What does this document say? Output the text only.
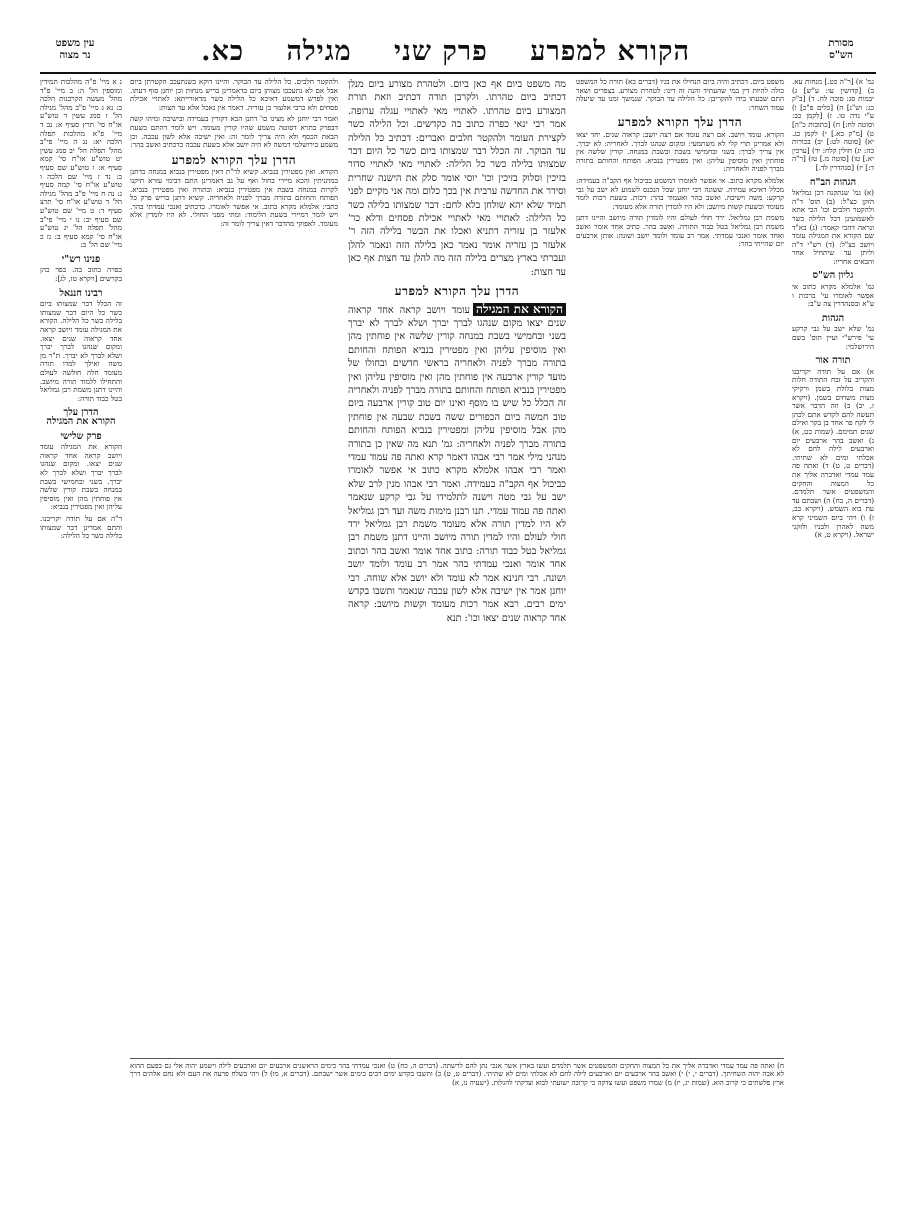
מסורת
הש"ס
הקורא למפרע פרק שני מגילה כא.
עין משפט
נר מצוה

גמ' א) [ר"ה כט.] מנחות עא. ב) [קדושין עו: ע"ש] ג) יבמות סג: סוכה לח. ד) [ב"ק כג: וש"נ] ה) [כלים פ"כ] ו) ע"י נדה טו. ז) [לקמן כב: וסוטה לח:] ח) [כתובות כ"ה] ט) [מ"ק כא.] י) לקמן כג. יא) [סוטה לט:] יב) בכורות כה: יג) חולין קלח: יד) [ערכין יא.] טו) [סוטה מ.] טז) [ר"ה ד:] יז) [סנהדרין לד.]

הגהות הב"ח

(א) גמ' שנתקנה רבן גמליאל הזקן כצ"ל: (ב) תוס' ד"ה ולהקטר חלבים וכו' הכי אתא לאשמועינן דכל הלילה כשר ונראה דהכי קאמר: (ג) בא"ד שם הקורא את המגילה עומד ויושב כצ"ל: (ד) רש"י ד"ה וליתן עד שיתחיל אחר והבאים אחריו:

גליון הש"ס

גמ' אלמלא מקרא כתוב אי אפשר לאומרו עי' ברכות ו ע"א ובסנהדרין צה ע"ב:

הגהות

גמ' שלא ישב על גבי קרקע עי' פירש"י ועיין תוס' בשם הירושלמי:

תורה אור

א) אם על תודה יקריבנו והקריב על זבח התודה חלות מצות בלולת בשמן ורקיקי מצות משחים בשמן. (ויקרא ז, יב) ב) וזה הדבר אשר תעשה להם לקדש אתם לכהן לי לקח פר אחד בן בקר ואילם שנים תמימם. (שמות כט, א) ג) ואשב בהר ארבעים יום וארבעים לילה לחם לא אכלתי ומים לא שתיתי. (דברים ט, ט) ד) ואתה פה עמד עמדי ואדברה אליך את כל המצוה והחקים והמשפטים אשר תלמדם. (דברים ה, כח) ה) ושבתם עד עת בוא השמש. (ויקרא כב, ז) ו) ויהי ביום השמיני קרא משה לאהרן ולבניו ולזקני ישראל. (ויקרא ט, א)

נ א מיי' פ"ה מהלכות תמידין ומוספין הל' ה: ב מיי' פ"ד מהל' מעשה הקרבנות הלכה ב: נא ג מיי' פ"ב מהל' מגילה הל' ז סמג עשין ד טוש"ע או"ח סי' תרץ סעיף א: נב ד מיי' פ"א מהלכות תפלה הלכה יא: נג ה מיי' פי"ב מהל' תפלה הל' יב סמג עשין יט טוש"ע או"ח סי' קמא סעיף א: ו טוש"ע שם סעיף ב: נד ז מיי' שם הלכה ו טוש"ע או"ח סי' קמה סעיף ג: נה ח מיי' פ"ב מהל' מגילה הל' ד טוש"ע או"ח סי' תרצ סעיף ד: ט מיי' שם טוש"ע שם סעיף יב: נו י מיי' פי"ב מהל' תפלה הל' יג טוש"ע או"ח סי' קמא סעיף ב: נז כ מיי' שם הל' ב:

פנינו רש"י

כפרה כתוב בה. כפר כהן בקרשים [ויקרא טז, לג]:

רבינו חננאל

זה הכלל דבר שמצותו ביום כשר כל היום דבר שמצותו בלילה כשר כל הלילה. הקורא את המגילה עומד ויושב קראה אחד קראוה שנים יצאו. ומקום שנהגו לברך יברך ושלא לברך לא יברך. ת"ר מן משה ואילך למדו תורה מעומד חלה חולשה לעולם והתחילו ללמוד תורה מיושב. והיינו דתנן משמת רבן גמליאל בטל כבוד תורה:

הדרן עלך
הקורא את המגילה
פרק שלישי

הקורא את המגילה עומד ויושב קראה אחד קראוה שנים יצאו. ומקום שנהגו לברך יברך ושלא לברך לא יברך. בשני ובחמישי בשבת במנחה בשבת קורין שלשה אין פוחתין מהן ואין מוסיפין עליהן ואין מפטירין בנביא:

ר"ה אם על תודה יקריבנו. והתם אמרינן דבר שמצותו בלילה כשר כל הלילה:

משפט ביום. דכתיב והיה ביום הנחילו את בניו (דברים כא) תורה כל המשפט כולה להיות דין במי שהעתיד והנה זה דינו: לטהרת מצורע. בצפרים ושאר התם שבעתו בידו להקריבן: כל הלילה עד הבוקר. שנמשך זמנו עד שיעלה עמוד השחר:

הדרן עלך הקורא למפרע

הקורא. עומד ויושב. אם רצה עומד אם רצה יושב: קראוה שנים. יחד יצאו ולא אמרינן תרי קלי לא משתמעי: ומקום שנהגו לברך. לאחריה: לא יברך. אין צריך לברך: בשני ובחמישי בשבת ובשבת במנחה. קורין שלשה אין פוחתין ואין מוסיפין עליהן: ואין מפטירין בנביא. הפותח והחותם בתורה מברך לפניה ולאחריה:

אלמלא מקרא כתוב. אי אפשר לאומרו דמשמע כביכול אף הקב"ה בעמידה: מכלל דאיכא עמידה. ששונה רבי יוחנן שכל הנכנס לשמוע לא ישב על גבי קרקע: משה וישיבה. ואשב בהר ואעמוד בהר: רכות. בשעת רכות לומד מעומד ובשעת קשות מיושב: ולא היו לומדין תורה אלא מעומד:

משמת רבן גמליאל. ירד חולי לעולם והיו לומדין תורה מיושב והיינו דתנן משמת רבן גמליאל בטל כבוד התורה. ואשב בהר. כתיב אחד אומר ואשב ואחד אומר ואנכי עמדתי. אמר רב עומד ולומד יושב ושונה: אותן ארבעים יום שהייתי בהר:

מה משפט ביום אף כאן ביום. ולטהרת מצורע ביום מנלן דכתיב ביום טהרתו. ולקרבן תודה דכתיב וזאת תורת המצורע ביום טהרתו. לאתויי מאי לאתויי עגלה ערופה. אמר רבי ינאי כפרה כתוב בה כקדשים. וכל הלילה כשר לקצירת העומר ולהקטר חלבים ואברים: דכתיב כל הלילה עד הבוקר. זה הכלל דבר שמצותו ביום כשר כל היום דבר שמצותו בלילה כשר כל הלילה: לאתויי מאי לאתויי סדור בזיכין וסלוק בזיכין וכו' יוסי אומר סלק את הישנה שחרית וסידר את החדשה ערבית אין בכך כלום ומה אני מקיים לפני תמיד שלא יהא שולחן בלא לחם: דבר שמצותו בלילה כשר כל הלילה: לאתויי מאי לאתויי אכילת פסחים ודלא כר' אלעזר בן עזריה דתניא ואכלו את הבשר בלילה הזה ר' אלעזר בן עזריה אומר נאמר כאן בלילה הזה ונאמר להלן ועברתי בארץ מצרים בלילה הזה מה להלן עד חצות אף כאן עד חצות:

הדרן עלך הקורא למפרע

הקורא את המגילהעומד ויושב קראה אחד קראוה שנים יצאו מקום שנהגו לברך יברך ושלא לברך לא יברך בשני ובחמישי בשבת במנחה קורין שלשה אין פוחתין מהן ואין מוסיפין עליהן ואין מפטירין בנביא הפותח והחותם בתורה מברך לפניה ולאחריה בראשי חדשים ובחולו של מועד קורין ארבעה אין פוחתין מהן ואין מוסיפין עליהן ואין מפטירין בנביא הפותח והחותם בתורה מברך לפניה ולאחריה זה הכלל כל שיש בו מוסף ואינו יום טוב קורין ארבעה ביום טוב חמשה ביום הכפורים ששה בשבת שבעה אין פוחתין מהן אבל מוסיפין עליהן ומפטירין בנביא הפותח והחותם בתורה מברך לפניה ולאחריה: גמ' תנא מה שאין כן בתורה מנהני מילי אמר רבי אבהו דאמר קרא ואתה פה עמוד עמדי ואמר רבי אבהו אלמלא מקרא כתוב אי אפשר לאומרו כביכול אף הקב"ה בעמידה. ואמר רבי אבהו מנין לרב שלא ישב על גבי מטה וישנה לתלמידו על גבי קרקע שנאמר ואתה פה עמוד עמדי. תנו רבנן מימות משה ועד רבן גמליאל לא היו למדין תורה אלא מעומד משמת רבן גמליאל ירד חולי לעולם והיו למדין תורה מיושב והיינו דתנן משמת רבן גמליאל בטל כבוד תורה: כתוב אחד אומר ואשב בהר וכתוב אחד אומר ואנכי עמדתי בהר אמר רב עומד ולומד יושב ושונה. רבי חנינא אמר לא עומד ולא יושב אלא שוחה. רבי יוחנן אמר אין ישיבה אלא לשון עכבה שנאמר ותשבו בקדש ימים רבים. רבא אמר רכות מעומד וקשות מיושב: קראה אחד קראוה שנים יצאו וכו': תנא

ולהקטר חלבים. כל הלילה עד הבוקר. והיינו דוקא בשנתעכב הקטרתן ביום אבל אם לא נתעכבו מצותן ביום כדאמרינן בריש מנחות וכן יוחנן סוף דעתו. ואין לפרש דמשמע דאיכא כל הלילה כשר מדאורייתא: לאתויי אכילת פסחים ולא כרבי אלעזר בן עזריה. דאמר אין נאכל אלא עד חצות:

ואמר רבי יוחנן לא מצינו כו' דתנן הכא דקורין בעמידה ובישיבה ומיהו קשה דבפרק בתרא דסוטה משמע שהיו קורין מעומד. ויש לומר דהתם בשעת הבאת הכסף ולא היה צריך לומר זה: ואין ישיבה אלא לשון עכבה. וכן משמע בירושלמי דמשה לא היה יושב אלא בשעת עכבה כדכתיב ואשב בהר:

הדרן עלך הקורא למפרע

הקורא. ואין מפטירין בנביא. קשיא לר"ת דאין מפטירין בנביא במנחה כדתנן במתניתין והכא מיירי בחול ואף על גב דאמרינן התם דבימי עזרא תיקנו לקרות במנחה בשבת אין מפטירין בנביא: ובתורה ואין מפטירין בנביא. הפותח והחותם בתורה מברך לפניה ולאחריה. קשיא דתנן בריש פרק כל כתבי: אלמלא מקרא כתוב. אי אפשר לאומרו. כדכתיב ואנכי עמדתי בהר. ויש לומר דמיירי בשעת הלימוד: ומתי מפני החולי. לא היו לומדין אלא מעומד. לאפוקי מהדבר דאין צריך לומר זה:

ח) ואתה פה עמד עמדי ואדברה אליך את כל המצוה והחקים והמשפטים אשר תלמדם ועשו בארץ אשר אנכי נתן להם לרשתה. (דברים ה, כח) ט) ואנכי עמדתי בהר כימים הראשנים ארבעים יום וארבעים לילה וישמע יהוה אלי גם בפעם ההוא לא אבה יהוה השחיתך. (דברים י, י) י) ואשב בהר ארבעים יום וארבעים לילה לחם לא אכלתי ומים לא שתיתי. (דברים ט, ט) כ) ותשבו בקדש ימים רבים כימים אשר ישבתם. (דברים א, מו) ל) ויהי בשלח פרעה את העם ולא נחם אלהים דרך ארץ פלשתים כי קרוב הוא. (שמות יג, יז) מ) שמרו משפט ועשו צדקה כי קרובה ישועתי לבוא וצדקתי להגלות. (ישעיה נו, א)
